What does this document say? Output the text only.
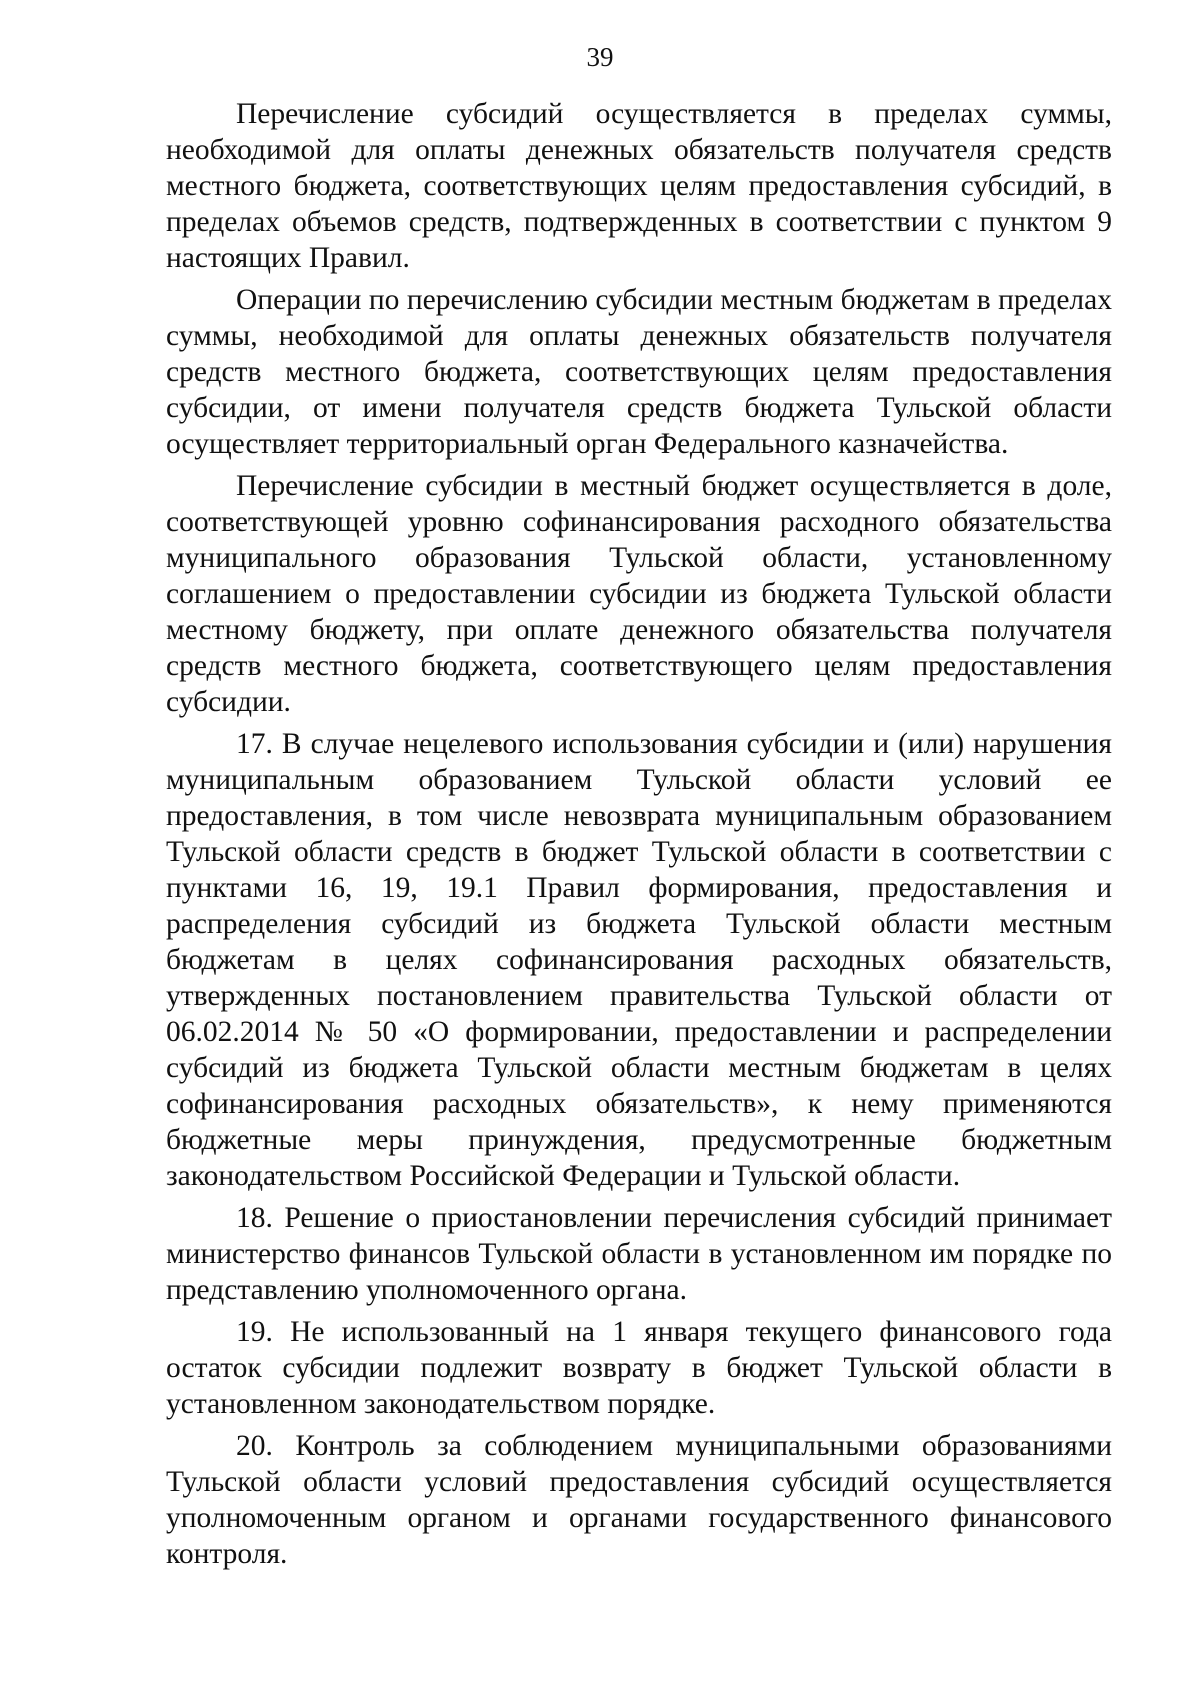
39

Перечисление субсидий осуществляется в пределах суммы, необходимой для оплаты денежных обязательств получателя средств местного бюджета, соответствующих целям предоставления субсидий, в пределах объемов средств, подтвержденных в соответствии с пунктом 9 настоящих Правил.

Операции по перечислению субсидии местным бюджетам в пределах суммы, необходимой для оплаты денежных обязательств получателя средств местного бюджета, соответствующих целям предоставления субсидии, от имени получателя средств бюджета Тульской области осуществляет территориальный орган Федерального казначейства.

Перечисление субсидии в местный бюджет осуществляется в доле, соответствующей уровню софинансирования расходного обязательства муниципального образования Тульской области, установленному соглашением о предоставлении субсидии из бюджета Тульской области местному бюджету, при оплате денежного обязательства получателя средств местного бюджета, соответствующего целям предоставления субсидии.

17. В случае нецелевого использования субсидии и (или) нарушения муниципальным образованием Тульской области условий ее предоставления, в том числе невозврата муниципальным образованием Тульской области средств в бюджет Тульской области в соответствии с пунктами 16, 19, 19.1 Правил формирования, предоставления и распределения субсидий из бюджета Тульской области местным бюджетам в целях софинансирования расходных обязательств, утвержденных постановлением правительства Тульской области от 06.02.2014 № 50 «О формировании, предоставлении и распределении субсидий из бюджета Тульской области местным бюджетам в целях софинансирования расходных обязательств», к нему применяются бюджетные меры принуждения, предусмотренные бюджетным законодательством Российской Федерации и Тульской области.

18. Решение о приостановлении перечисления субсидий принимает министерство финансов Тульской области в установленном им порядке по представлению уполномоченного органа.

19. Не использованный на 1 января текущего финансового года остаток субсидии подлежит возврату в бюджет Тульской области в установленном законодательством порядке.

20. Контроль за соблюдением муниципальными образованиями Тульской области условий предоставления субсидий осуществляется уполномоченным органом и органами государственного финансового контроля.
